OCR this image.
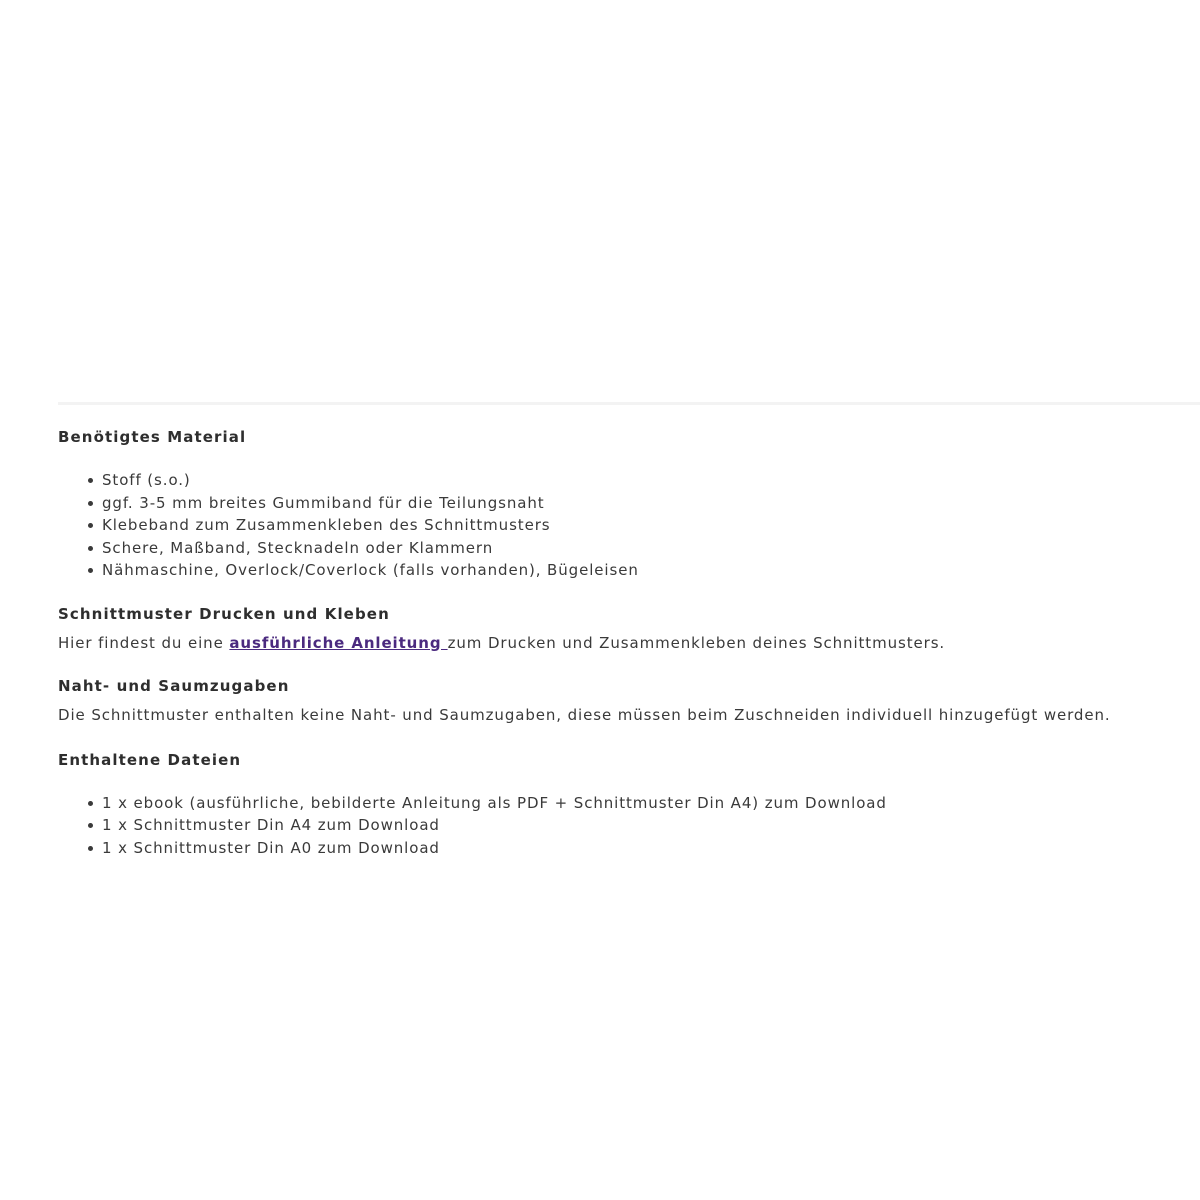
Benötigtes Material
Stoff (s.o.)
ggf. 3-5 mm breites Gummiband für die Teilungsnaht
Klebeband zum Zusammenkleben des Schnittmusters
Schere, Maßband, Stecknadeln oder Klammern
Nähmaschine, Overlock/Coverlock (falls vorhanden), Bügeleisen
Schnittmuster Drucken und Kleben

Hier findest du eine ausführliche Anleitung zum Drucken und Zusammenkleben deines Schnittmusters.

Naht- und Saumzugaben

Die Schnittmuster enthalten keine Naht- und Saumzugaben, diese müssen beim Zuschneiden individuell hinzugefügt werden.

Enthaltene Dateien
1 x ebook (ausführliche, bebilderte Anleitung als PDF + Schnittmuster Din A4) zum Download
1 x Schnittmuster Din A4 zum Download
1 x Schnittmuster Din A0 zum Download
